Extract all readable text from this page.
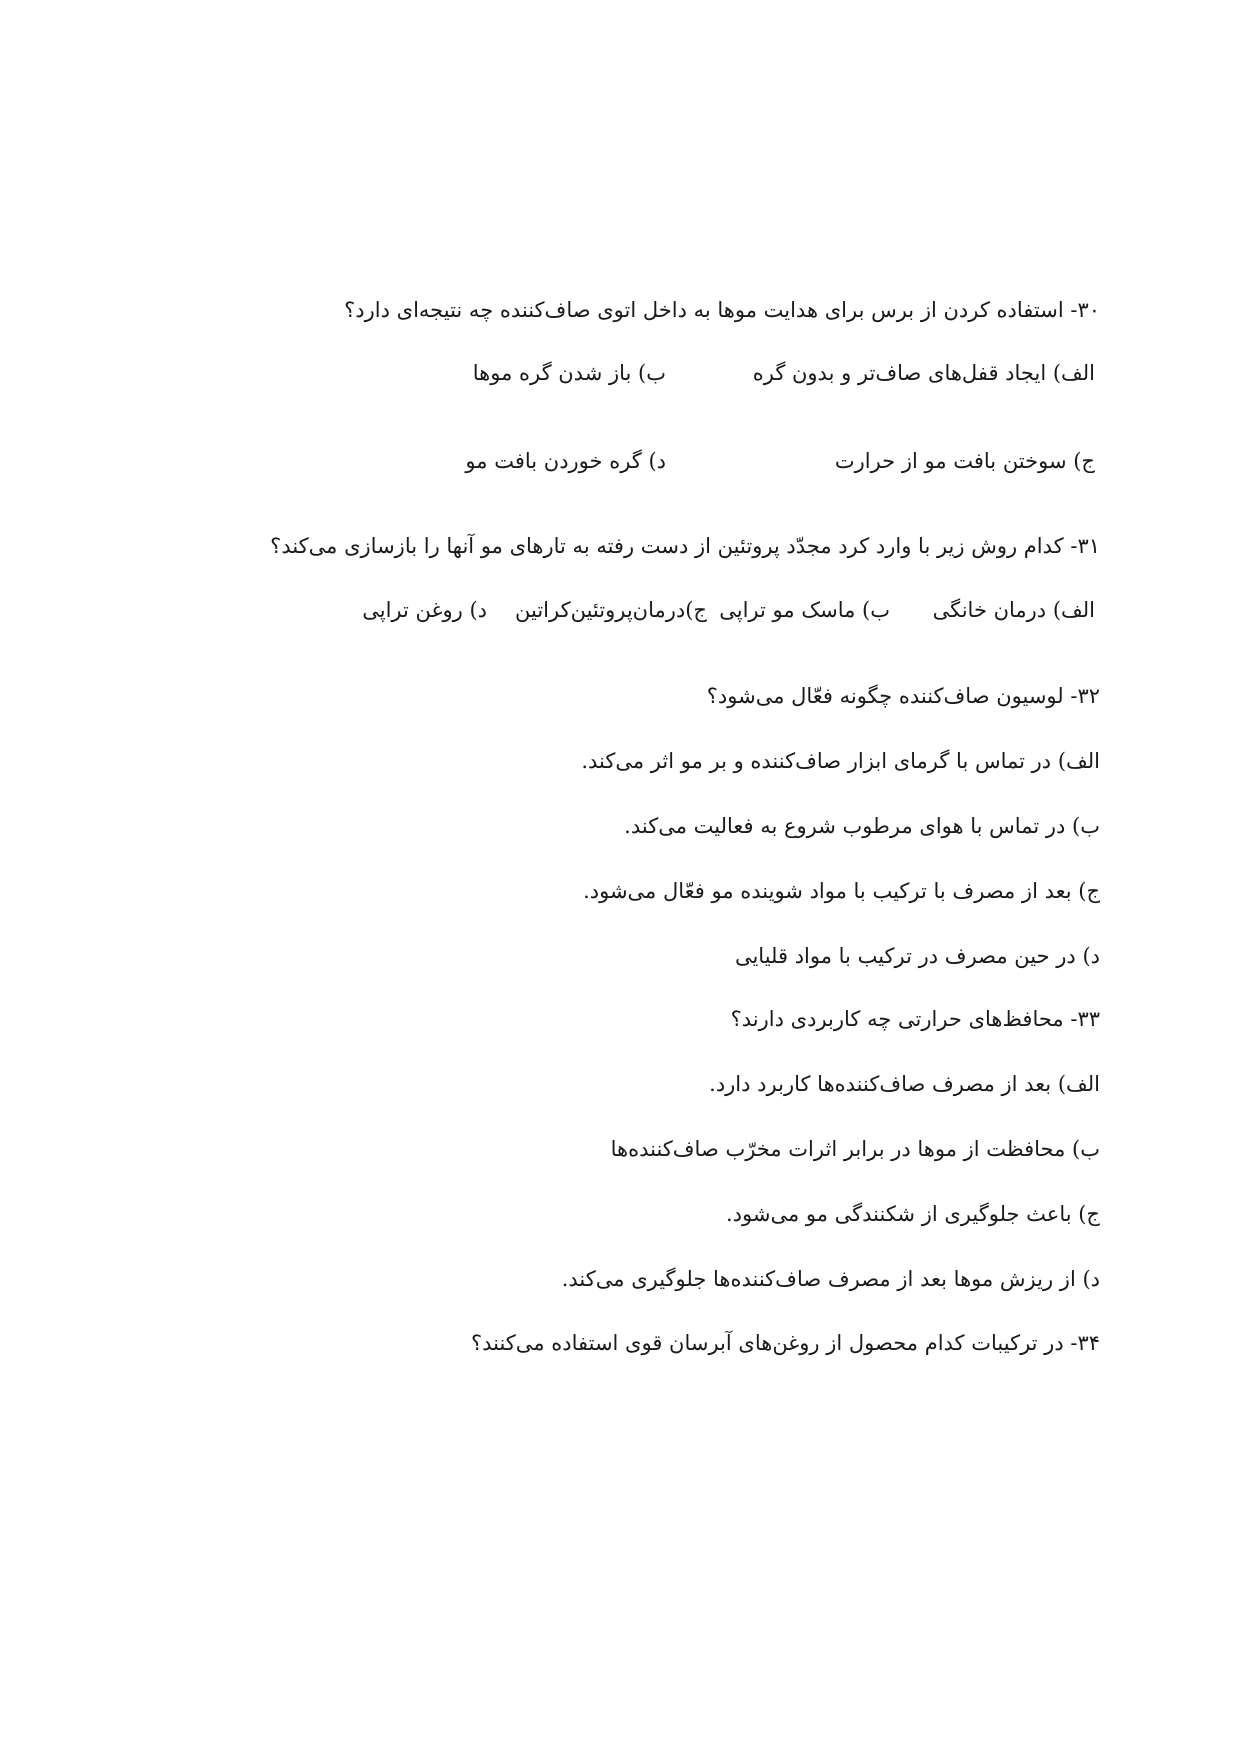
۳۰- استفاده کردن از برس برای هدایت موها به داخل اتوی صاف‌کننده چه نتیجه‌ای دارد؟
الف) ایجاد قفل‌های صاف‌تر و بدون گره
ب) باز شدن گره موها
ج) سوختن بافت مو از حرارت
د) گره خوردن بافت مو
۳۱- کدام روش زیر با وارد کرد مجدّد پروتئین از دست رفته به تارهای مو آنها را بازسازی می‌کند؟
الف) درمان خانگی
ب) ماسک مو تراپی
ج)درمان‌پروتئین‌کراتین
د) روغن تراپی
۳۲- لوسیون صاف‌کننده چگونه فعّال می‌شود؟
الف) در تماس با گرمای ابزار صاف‌کننده و بر مو اثر می‌کند.
ب) در تماس با هوای مرطوب شروع به فعالیت می‌کند.
ج) بعد از مصرف با ترکیب با مواد شوینده مو فعّال می‌شود.
د) در حین مصرف در ترکیب با مواد قلیایی
۳۳- محافظ‌های حرارتی چه کاربردی دارند؟
الف) بعد از مصرف صاف‌کننده‌ها کاربرد دارد.
ب) محافظت از موها در برابر اثرات مخرّب صاف‌کننده‌ها
ج) باعث جلوگیری از شکنندگی مو می‌شود.
د) از ریزش موها بعد از مصرف صاف‌کننده‌ها جلوگیری می‌کند.
۳۴- در ترکیبات کدام محصول از روغن‌های آبرسان قوی استفاده می‌کنند؟
